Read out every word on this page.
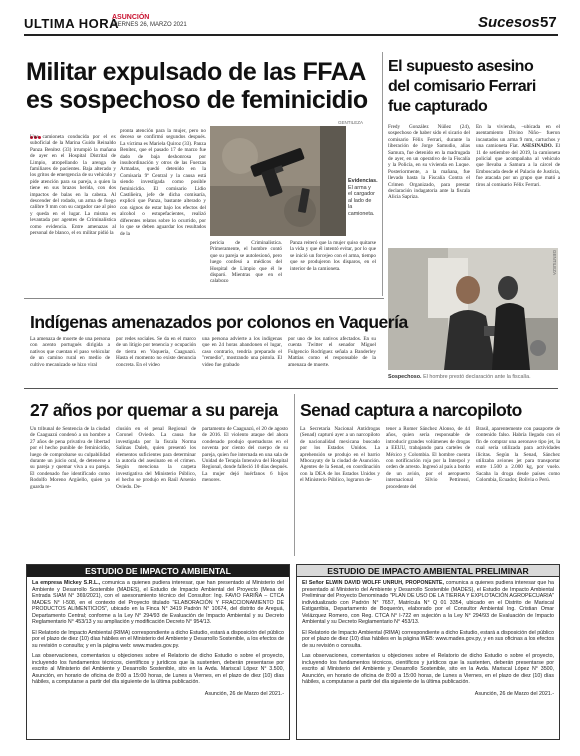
ULTIMA HORA
ASUNCIÓN
VIERNES 26, MARZO 2021	Sucesos 57
Militar expulsado de las FFAA
es sospechoso de feminicidio
GENTILEZA
Una camioneta conducida por el ex suboficial de la Marina Guido Reinaldo Panza Benítez (33) irrumpió la mañana de ayer en el Hospital Distrital de Limpio, atropellando la arenga de familiares de pacientes. Baja alterado y los gritos de emergencia de su vehículo y pide atención para su pareja, a quien la tiene en sus brazos herida, con dos impactos de balas en la cabeza. Al descender del rodado, un arma de fuego calibre 9 mm con su cargador cae al piso y queda en el lugar. La misma es levantada por agentes de Criminalística como evidencia. Entre amenazas al personal de blanco, el ex militar pidió la
pronta atención para la mujer, pero no deceso se confirmó segundos después. La víctima es Mariela Quiroz (33). Panza Benítez, que el pasado 17 de marzo fue dado de baja deshonrosa por insubordinación y otros de las Fuerzas Armadas, quedó detenido en la Comisaría 9ª Central y la causa está siendo investigada como posible feminicidio. El comisario Lidio Castiñeira, jefe de dicha comisaría, explicó que Panza, bastante alterado y con signos de estar bajo los efectos del alcohol o estupefacientes, realizó diferentes relatos sobre lo ocurrido, por lo que se deben aguardar los resultados de la
Evidencias. El arma y el cargador al lado de la camioneta.
pericia de Criminalística. Primeramente, el hombre contó que su pareja se autolesionó, pero luego confesó a médicos del Hospital de Limpio que él le disparó. Mientras que en el calabozo
Panza reiteró que la mujer quiso quitarse la vida y que él intentó evitar, por lo que se inició un forcejeo con el arma, tiempo que se produjeron los disparos, en el interior de la camioneta.
El supuesto asesino
del comisario Ferrari
fue capturado
Fredy González Núñez (24), sospechoso de haber sido el sicario del comisario Félix Ferrari, durante la liberación de Jorge Samudio, alias Samura, fue detenido en la madrugada de ayer, en un operativo de la Fiscalía y la Policía, en su vivienda en Luque. Posteriormente, a la mañana, fue llevado hasta la Fiscalía Contra el Crimen Organizado, para prestar declaración indagatoria ante la fiscala Alicia Sapriza.
En la vivienda, –ubicada en el asentamiento Divino Niño– fueron incautados un arma 9 mm, cartuchos y una camioneta Fiat. ASESINADO. El 11 de setiembre del 2019, la camioneta policial que acompañaba al vehículo que llevaba a Samura a la cárcel de Emboscada desde el Palacio de Justicia, fue atacada por un grupo que mató a tiros al comisario Félix Ferrari.
GENTILEZA
Indígenas amenazados por colonos en Vaquería
La amenaza de muerte de una persona con acento portugués dirigida a nativos que cuentan el paso vehicular de un camino rural en medio de cultivo mecanizado se hizo viral
por redes sociales. Se da en el marco de un litigio por tenencia y ocupación de tierra en Vaquería, Caaguazú. Hasta el momento no existe denuncia concreta. En el video
una persona advierte a los indígenas que en 24 horas abandonen el lugar, caso contrario, tendría preparado el "remedio", mostrando una pistola. El video fue grabado
por uno de los nativos afectados. En su cuenta Twitter el senador Miguel Fulgencio Rodríguez señala a Banderley Mattias como el responsable de la amenaza de muerte.
Sospechoso. El hombre prestó declaración ante la fiscalía.
27 años por quemar a su pareja
Un tribunal de Sentencia de la ciudad de Caaguazú condenó a un hombre a 27 años de pena privativa de libertad por el hecho punible de feminicidio, luego de comprobarse su culpabilidad durante un juicio oral, de detenerse a su pareja y quemar viva a su pareja. El condenado fue identificado como Rodolfo Moreno Argüello, quien ya guarda re-
clusión en el penal Regional de Coronel Oviedo. La causa fue investigada por la fiscala Norma Salinas Daleh, quien presentó los elementos suficientes para determinar la autoría del asesinato en el crimen. Según menciona la carpeta investigativa del Ministerio Público, el hecho se produjo en Raúl Arsenio Oviedo. De-
partamento de Caaguazú, el 20 de agosto de 2016. El violento ataque del ahora condenado produjo quemaduras en el noventa por ciento del cuerpo de su pareja, quien fue internada en una sala de Unidad de Terapia Intensiva del Hospital Regional, donde falleció 10 días después. La mujer dejó huérfanos 6 hijos menores.
Senad captura a narcopiloto
La Secretaría Nacional Antidrogas (Senad) capturó ayer a un narcopiloto de nacionalidad mexicana buscado por los Estados Unidos. La aprehensión se produjo en el barrio Mbocayaty de la ciudad de Asunción. Agentes de la Senad, en coordinación con la DEA de los Estados Unidos y el Ministerio Público, lograron de-
tener a Romer Sánchez Alonso, de 44 años, quien sería responsable de introducir grandes volúmenes de drogas a EEUU, trabajando para carteles de México y Colombia. El hombre cuenta con notificación roja por la Interpol y orden de arresto. Ingresó al país a bordo de un avión, por el aeropuerto internacional Silvio Pettirossi, procedente del
Brasil, aparentemente con pasaporte de contenido falso. Habría llegado con el fin de comprar una aeronave tipo jet, la cual sería utilizada para actividades ilícitas. Según la Senad, Sánchez utilizaba aviones jet para transportar entre 1.500 a 2.000 kg, por vuelo. Sacaba la droga desde países como Colombia, Ecuador, Bolivia o Perú.
ESTUDIO DE IMPACTO AMBIENTAL

La empresa Mickey S.R.L., comunica a quienes pudiera interesar, que han presentado al Ministerio del Ambiente y Desarrollo Sostenible (MADES), el Estudio de Impacto Ambiental del Proyecto (Mesa de Entrada SIAM N° 369/2021), con el asesoramiento técnico del Consultor: Ing. FAVIO FARIÑA – CTCA MADES N° I-508, en el contexto del Proyecto titulado "ELABORACIÓN Y FRACCIONAMIENTO DE PRODUCTOS ALIMENTICIOS", ubicado en la Finca N° 3419 Padrón N° 10674, del distrito de Areguá, Departamento Central; conforme a la Ley N° 294/93 de Evaluación de Impacto Ambiental y su Decreto Reglamentario N° 453/13 y su ampliación y modificación Decreto N° 954/13.

El Relatorio de Impacto Ambiental (RIMA) correspondiente a dicho Estudio, estará a disposición del público por el plazo de diez (10) días hábiles en el Ministerio del Ambiente y Desarrollo Sostenible, a los efectos de su revisión o consulta; y en la página web: www.mades.gov.py.

Las observaciones, comentarios u objeciones sobre el Relatorio de dicho Estudio o sobre el proyecto, incluyendo los fundamentos técnicos, científicos y jurídicos que la sustenten, deberán presentarse por escrito al Ministerio del Ambiente y Desarrollo Sostenible, sito en la Avda. Mariscal López N° 3.500, Asunción, en horario de oficina de 8:00 a 15:00 horas, de Lunes a Viernes, en el plazo de diez (10) días hábiles, a computarse a partir del día siguiente de la última publicación.

Asunción, 26 de Marzo del 2021.-

ESTUDIO DE IMPACTO AMBIENTAL PRELIMINAR

El Señor ELWIN DAVID WOLFF UNRUH, PROPONENTE, comunica a quienes pudiera interesar que ha presentado al Ministerio del Ambiente y Desarrollo Sostenible (MADES), el Estudio de Impacto Ambiental Preliminar del Proyecto Denominado "PLAN DE USO DE LA TIERRA Y EXPLOTACIÓN AGROPECUARIA" individualizado con Padrón N° 7657, Matrícula N° Q 01 3354, ubicado en el Distrito de Mariscal Estigarribia, Departamento de Boquerón, elaborado por el Consultor Ambiental Ing. Cristian Omar Velázquez Romero, con Reg. CTCA N° I-722 en sujeción a la Ley N° 294/93 de Evaluación de Impacto Ambiental y su Decreto Reglamentario N° 453/13.

El Relatorio de Impacto Ambiental (RIMA) correspondiente a dicho Estudio, estará a disposición del público por el plazo de diez (10) días hábiles en la página WEB: www.mades.gov.py, y en sus oficinas a los efectos de su revisión o consulta.

Las observaciones, comentarios u objeciones sobre el Relatorio de dicho Estudio o sobre el proyecto, incluyendo los fundamentos técnicos, científicos y jurídicos que la sustenten, deberán presentarse por escrito al Ministerio del Ambiente y Desarrollo Sostenible, sito en la Avda. Mariscal López N° 3500, Asunción, en horario de oficina de 8:00 a 15:00 horas, de Lunes a Viernes, en el plazo de diez (10) días hábiles, a computarse a partir del día siguiente de la última publicación.

Asunción, 26 de Marzo del 2021.-
